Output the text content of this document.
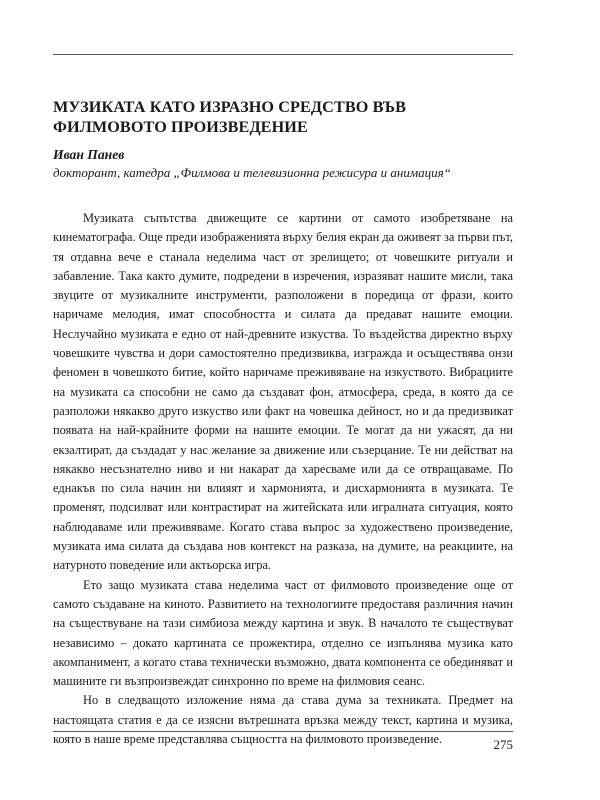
МУЗИКАТА КАТО ИЗРАЗНО СРЕДСТВО ВЪВ ФИЛМОВОТО ПРОИЗВЕДЕНИЕ
Иван Панев
докторант, катедра „Филмова и телевизионна режисура и анимация“

Музиката съпътства движещите се картини от самото изобретяване на кинематографа. Още преди изображенията върху белия екран да оживеят за първи път, тя отдавна вече е станала неделима част от зрелището; от човешките ритуали и забавление. Така както думите, подредени в изречения, изразяват нашите мисли, така звуците от музикалните инструменти, разположени в поредица от фрази, които наричаме мелодия, имат способността и силата да предават нашите емоции. Неслучайно музиката е едно от най-древните изкуства. То въздейства директно върху човешките чувства и дори самостоятелно предизвиква, изгражда и осъществява онзи феномен в човешкото битие, който наричаме преживяване на изкуството. Вибрациите на музиката са способни не само да създават фон, атмосфера, среда, в която да се разположи някакво друго изкуство или факт на човешка дейност, но и да предизвикат появата на най-крайните форми на нашите емоции. Те могат да ни ужасят, да ни екзалтират, да създадат у нас желание за движение или съзерцание. Те ни действат на някакво несъзнателно ниво и ни накарат да харесваме или да се отвращаваме. По еднакъв по сила начин ни влияят и хармонията, и дисхармонията в музиката. Те променят, подсилват или контрастират на житейската или игралната ситуация, която наблюдаваме или преживяваме. Когато става въпрос за художествено произведение, музиката има силата да създава нов контекст на разказа, на думите, на реакциите, на натурното поведение или актьорска игра.

Ето защо музиката става неделима част от филмовото произведение още от самото създаване на киното. Развитието на технологиите предоставя различния начин на съществуване на тази симбиоза между картина и звук. В началото те съществуват независимо – докато картината се прожектира, отделно се изпълнява музика като акомпанимент, а когато става технически възможно, двата компонента се обединяват и машините ги възпроизвеждат синхронно по време на филмовия сеанс.

Но в следващото изложение няма да става дума за техниката. Предмет на настоящата статия е да се изясни вътрешната връзка между текст, картина и музика, която в наше време представлява същността на филмовото произведение.	275
